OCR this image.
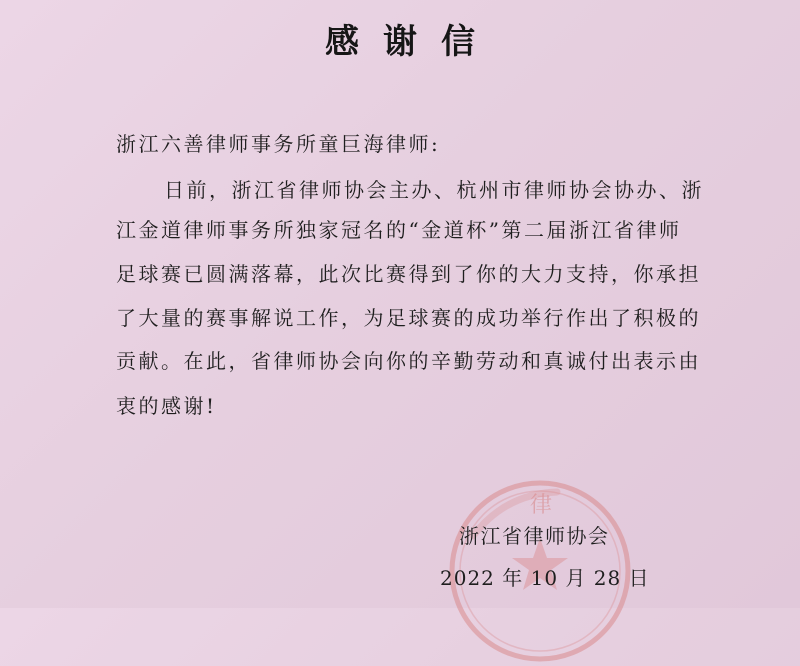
感谢信
浙江六善律师事务所童巨海律师:
日前，浙江省律师协会主办、杭州市律师协会协办、浙
江金道律师事务所独家冠名的“金道杯”第二届浙江省律师
足球赛已圆满落幕，此次比赛得到了你的大力支持，你承担
了大量的赛事解说工作，为足球赛的成功举行作出了积极的
贡献。在此，省律师协会向你的辛勤劳动和真诚付出表示由
衷的感谢!
律
浙江省律师协会
2022 年 10 月 28 日
